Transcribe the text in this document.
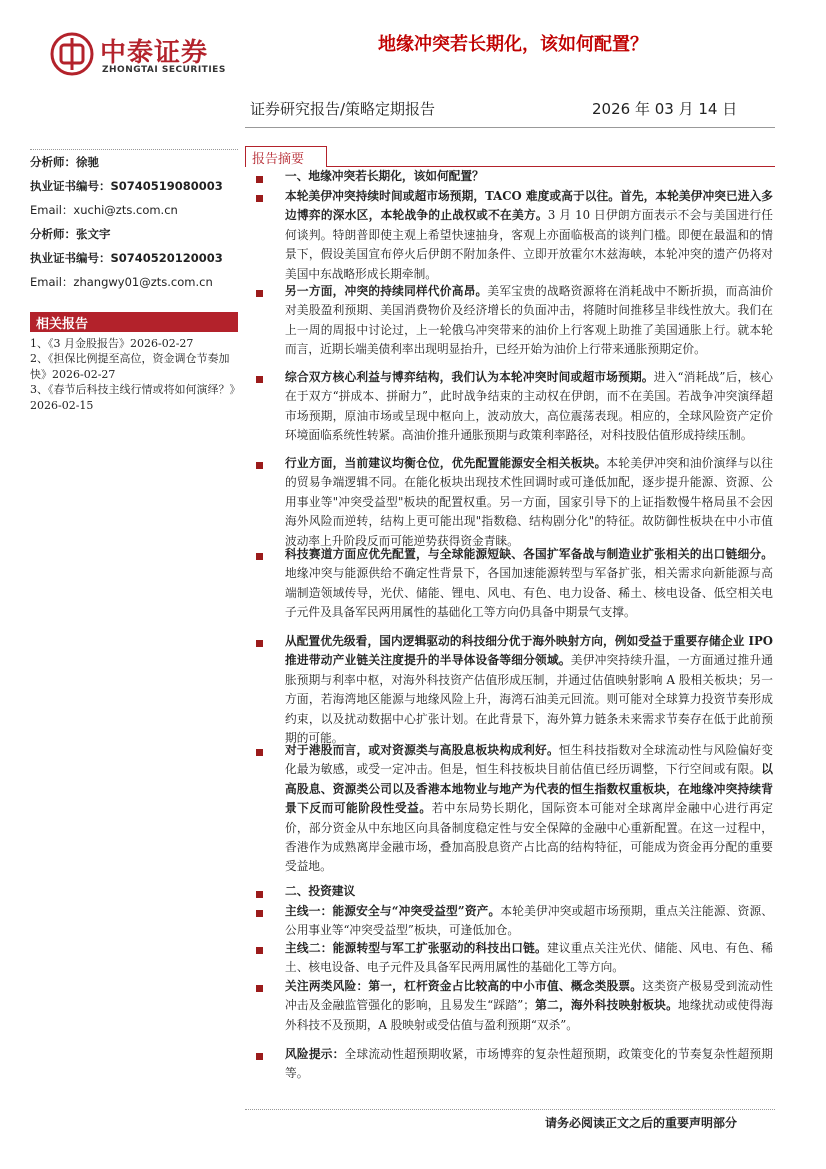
中泰证券
ZHONGTAI SECURITIES
地缘冲突若长期化，该如何配置？
证券研究报告/策略定期报告	2026 年 03 月 14 日
分析师：徐驰
执业证书编号：S0740519080003
Email：xuchi@zts.com.cn
分析师：张文宇
执业证书编号：S0740520120003
Email：zhangwy01@zts.com.cn
相关报告
1、《3 月金股报告》2026-02-27
2、《担保比例提至高位，资金调仓节奏加快》2026-02-27
3、《春节后科技主线行情或将如何演绎？》2026-02-15
报告摘要
一、地缘冲突若长期化，该如何配置？
本轮美伊冲突持续时间或超市场预期，TACO 难度或高于以往。首先，本轮美伊冲突已进入多边博弈的深水区，本轮战争的止战权或不在美方。3 月 10 日伊朗方面表示不会与美国进行任何谈判。特朗普即使主观上希望快速抽身，客观上亦面临极高的谈判门槛。即便在最温和的情景下，假设美国宣布停火后伊朗不附加条件、立即开放霍尔木兹海峡，本轮冲突的遗产仍将对美国中东战略形成长期牵制。
另一方面，冲突的持续同样代价高昂。美军宝贵的战略资源将在消耗战中不断折损，而高油价对美股盈利预期、美国消费物价及经济增长的负面冲击，将随时间推移呈非线性放大。我们在上一周的周报中讨论过，上一轮俄乌冲突带来的油价上行客观上助推了美国通胀上行。就本轮而言，近期长端美债利率出现明显抬升，已经开始为油价上行带来通胀预期定价。
综合双方核心利益与博弈结构，我们认为本轮冲突时间或超市场预期。进入“消耗战”后，核心在于双方“拼成本、拼耐力”，此时战争结束的主动权在伊朗，而不在美国。若战争冲突演绎超市场预期，原油市场或呈现中枢向上，波动放大，高位震荡表现。相应的，全球风险资产定价环境面临系统性转紧。高油价推升通胀预期与政策利率路径，对科技股估值形成持续压制。
行业方面，当前建议均衡仓位，优先配置能源安全相关板块。本轮美伊冲突和油价演绎与以往的贸易争端逻辑不同。在能化板块出现技术性回调时或可逢低加配，逐步提升能源、资源、公用事业等"冲突受益型"板块的配置权重。另一方面，国家引导下的上证指数慢牛格局虽不会因海外风险而逆转，结构上更可能出现"指数稳、结构剧分化"的特征。故防御性板块在中小市值波动率上升阶段反而可能逆势获得资金青睐。
科技赛道方面应优先配置，与全球能源短缺、各国扩军备战与制造业扩张相关的出口链细分。地缘冲突与能源供给不确定性背景下，各国加速能源转型与军备扩张，相关需求向新能源与高端制造领域传导，光伏、储能、锂电、风电、有色、电力设备、稀土、核电设备、低空相关电子元件及具备军民两用属性的基础化工等方向仍具备中期景气支撑。
从配置优先级看，国内逻辑驱动的科技细分优于海外映射方向，例如受益于重要存储企业 IPO 推进带动产业链关注度提升的半导体设备等细分领域。美伊冲突持续升温，一方面通过推升通胀预期与利率中枢，对海外科技资产估值形成压制，并通过估值映射影响 A 股相关板块；另一方面，若海湾地区能源与地缘风险上升，海湾石油美元回流。则可能对全球算力投资节奏形成约束，以及扰动数据中心扩张计划。在此背景下，海外算力链条未来需求节奏存在低于此前预期的可能。
对于港股而言，或对资源类与高股息板块构成利好。恒生科技指数对全球流动性与风险偏好变化最为敏感，或受一定冲击。但是，恒生科技板块目前估值已经历调整，下行空间或有限。以高股息、资源类公司以及香港本地物业与地产为代表的恒生指数权重板块，在地缘冲突持续背景下反而可能阶段性受益。若中东局势长期化，国际资本可能对全球离岸金融中心进行再定价，部分资金从中东地区向具备制度稳定性与安全保障的金融中心重新配置。在这一过程中，香港作为成熟离岸金融市场，叠加高股息资产占比高的结构特征，可能成为资金再分配的重要受益地。
二、投资建议
主线一：能源安全与“冲突受益型”资产。本轮美伊冲突或超市场预期，重点关注能源、资源、公用事业等“冲突受益型”板块，可逢低加仓。
主线二：能源转型与军工扩张驱动的科技出口链。建议重点关注光伏、储能、风电、有色、稀土、核电设备、电子元件及具备军民两用属性的基础化工等方向。
关注两类风险：第一，杠杆资金占比较高的中小市值、概念类股票。这类资产极易受到流动性冲击及金融监管强化的影响，且易发生“踩踏”；第二，海外科技映射板块。地缘扰动或使得海外科技不及预期，A 股映射或受估值与盈利预期“双杀”。
风险提示：全球流动性超预期收紧，市场博弈的复杂性超预期，政策变化的节奏复杂性超预期等。
请务必阅读正文之后的重要声明部分
